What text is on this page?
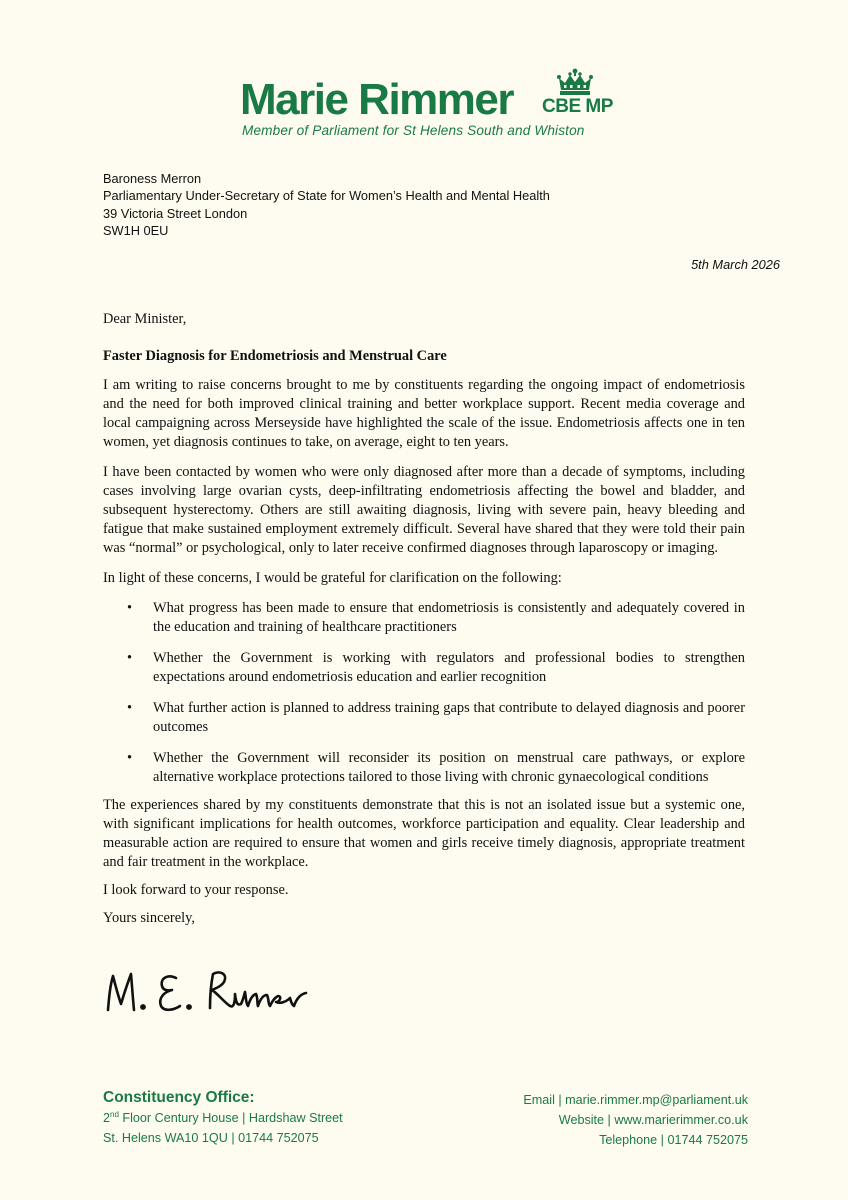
Marie Rimmer CBE MP
Member of Parliament for St Helens South and Whiston
Baroness Merron
Parliamentary Under-Secretary of State for Women’s Health and Mental Health
39 Victoria Street London
SW1H 0EU
5th March 2026

Dear Minister,

Faster Diagnosis for Endometriosis and Menstrual Care

I am writing to raise concerns brought to me by constituents regarding the ongoing impact of endometriosis and the need for both improved clinical training and better workplace support. Recent media coverage and local campaigning across Merseyside have highlighted the scale of the issue. Endometriosis affects one in ten women, yet diagnosis continues to take, on average, eight to ten years.

I have been contacted by women who were only diagnosed after more than a decade of symptoms, including cases involving large ovarian cysts, deep-infiltrating endometriosis affecting the bowel and bladder, and subsequent hysterectomy. Others are still awaiting diagnosis, living with severe pain, heavy bleeding and fatigue that make sustained employment extremely difficult. Several have shared that they were told their pain was “normal” or psychological, only to later receive confirmed diagnoses through laparoscopy or imaging.

In light of these concerns, I would be grateful for clarification on the following:

• What progress has been made to ensure that endometriosis is consistently and adequately covered in the education and training of healthcare practitioners
• Whether the Government is working with regulators and professional bodies to strengthen expectations around endometriosis education and earlier recognition
• What further action is planned to address training gaps that contribute to delayed diagnosis and poorer outcomes
• Whether the Government will reconsider its position on menstrual care pathways, or explore alternative workplace protections tailored to those living with chronic gynaecological conditions

The experiences shared by my constituents demonstrate that this is not an isolated issue but a systemic one, with significant implications for health outcomes, workforce participation and equality. Clear leadership and measurable action are required to ensure that women and girls receive timely diagnosis, appropriate treatment and fair treatment in the workplace.

I look forward to your response.

Yours sincerely,

Constituency Office:
2nd Floor Century House | Hardshaw Street
St. Helens WA10 1QU | 01744 752075
Email | marie.rimmer.mp@parliament.uk
Website | www.marierimmer.co.uk
Telephone | 01744 752075
